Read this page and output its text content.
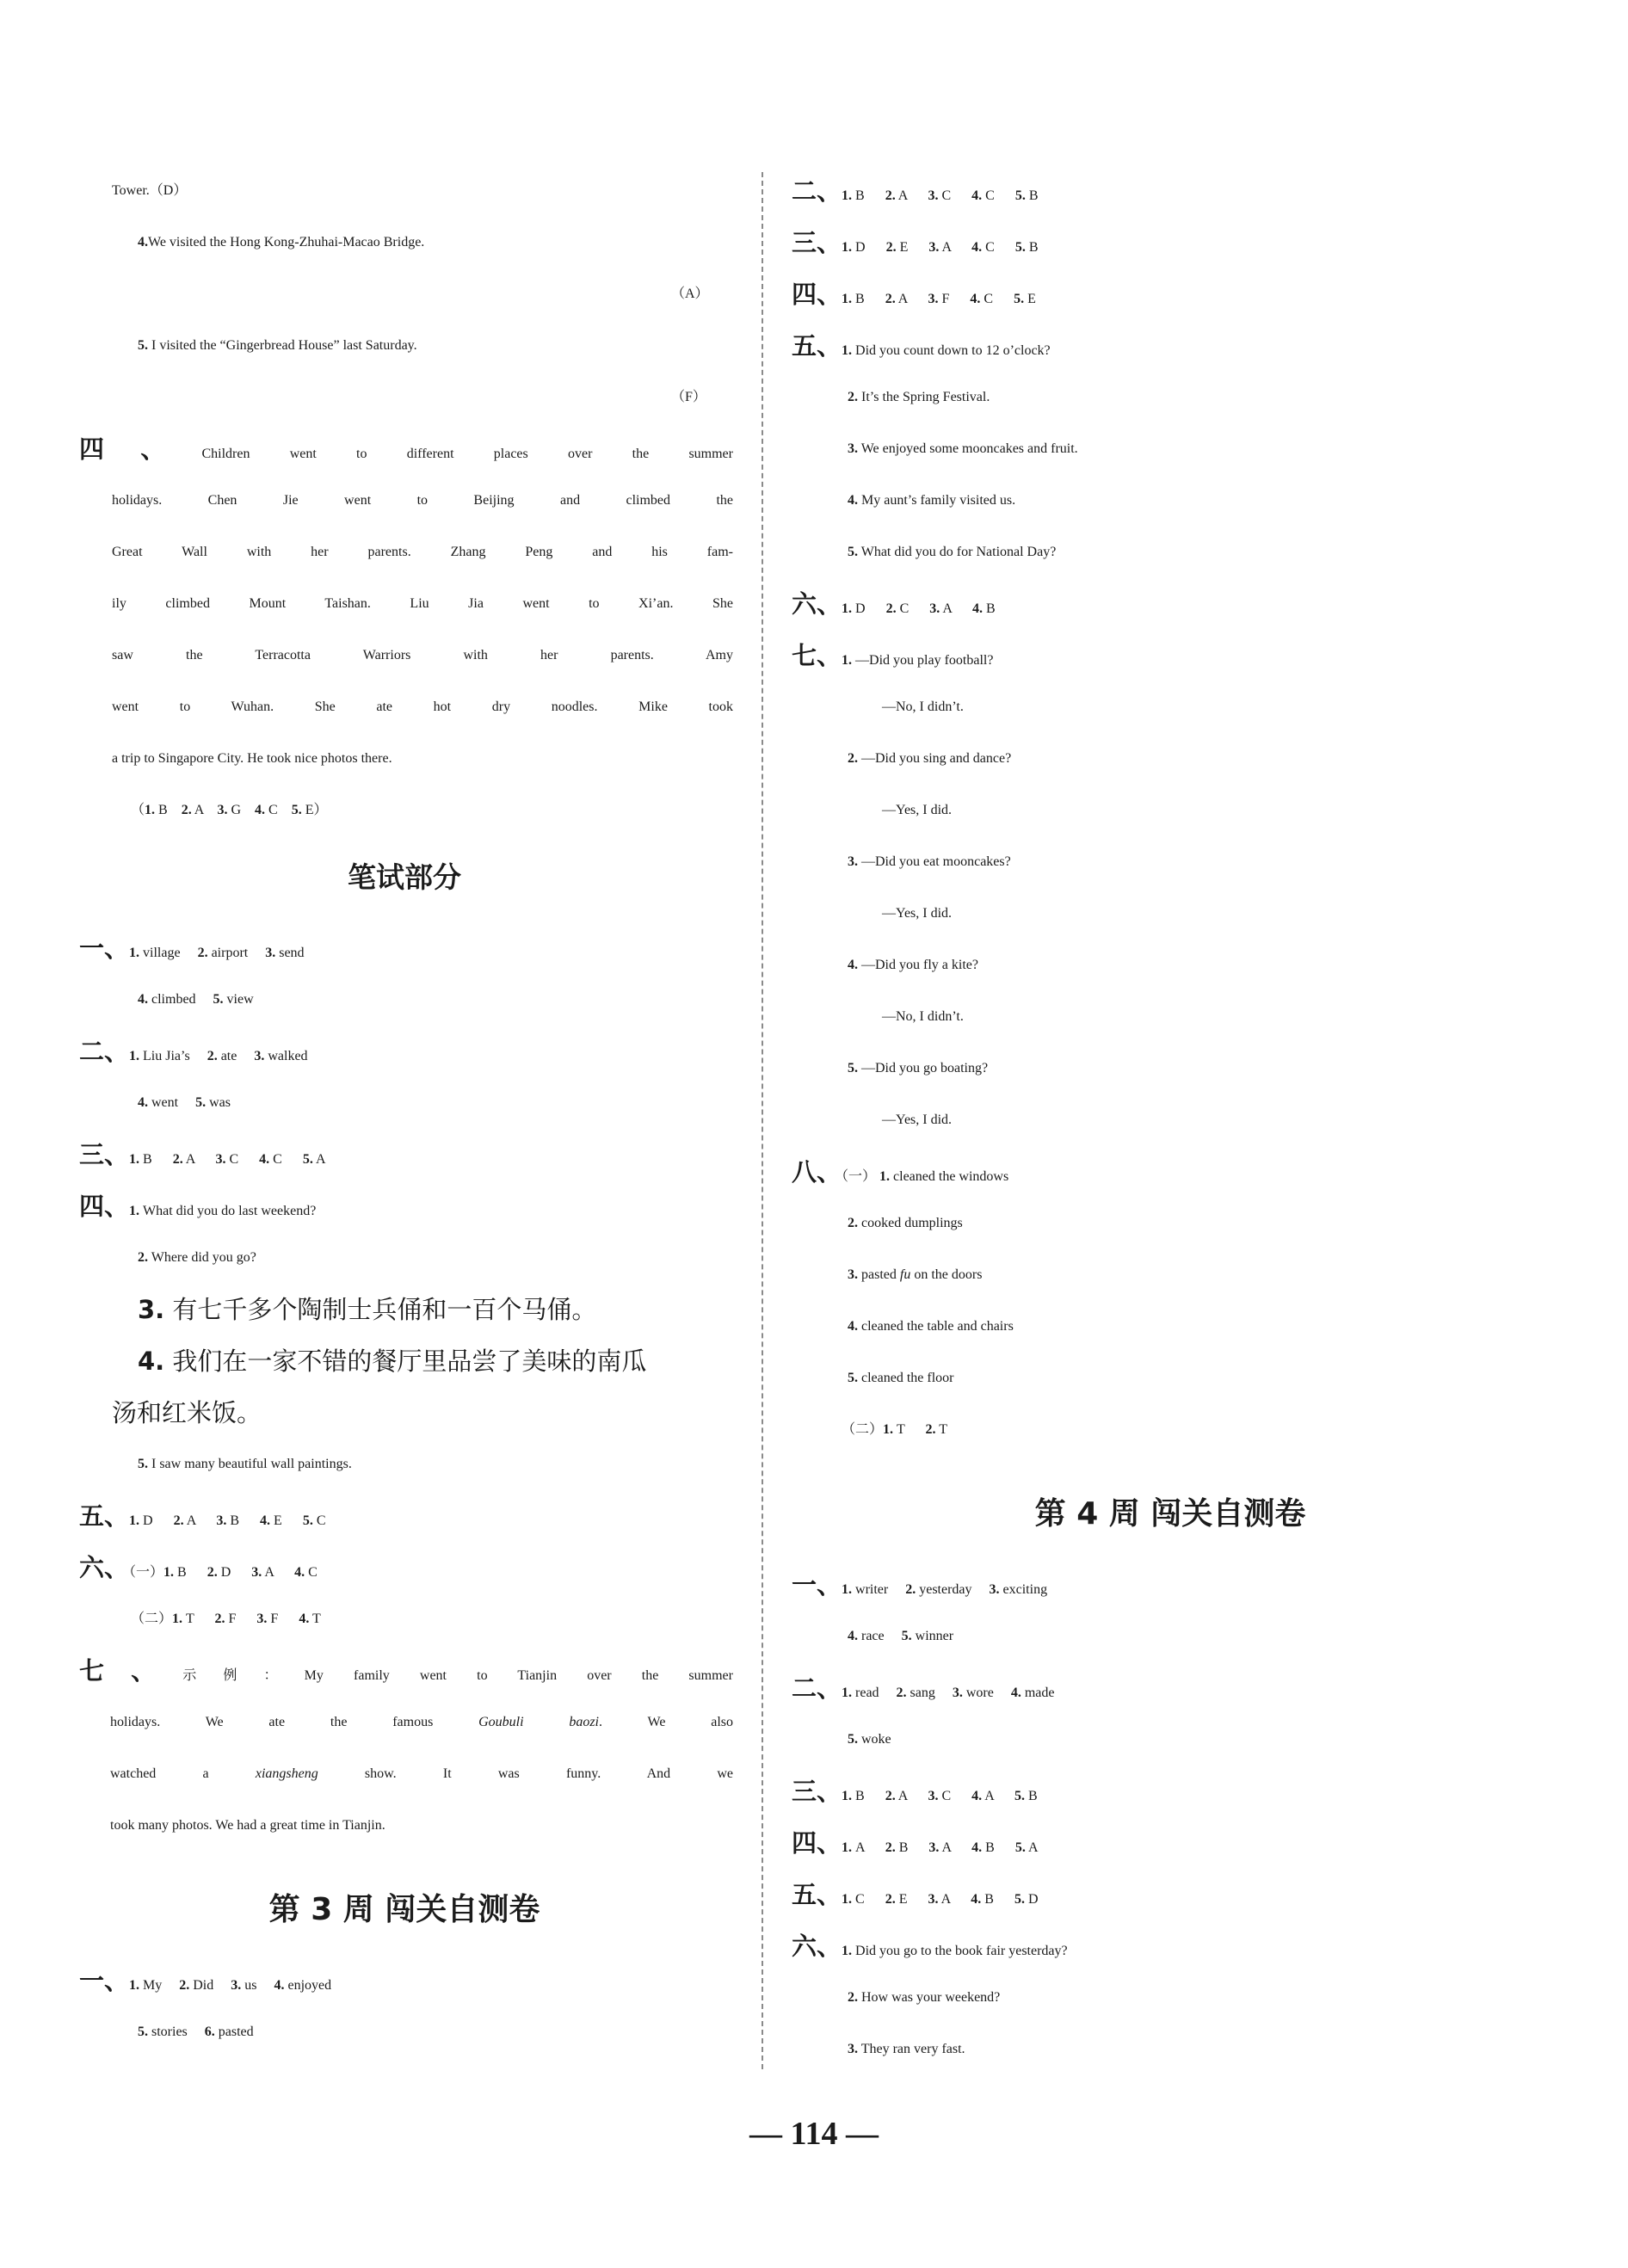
Tower.（D）
4.We visited the Hong Kong-Zhuhai-Macao Bridge.
（A）
5. I visited the “Gingerbread House” last Saturday.
（F）
四、Children went to different places over the summer
holidays. Chen Jie went to Beijing and climbed the
Great Wall with her parents. Zhang Peng and his fam-
ily climbed Mount Taishan. Liu Jia went to Xi’an. She
saw the Terracotta Warriors with her parents. Amy
went to Wuhan. She ate hot dry noodles. Mike took
a trip to Singapore City. He took nice photos there.
（1. B    2. A    3. G    4. C    5. E）
笔试部分
一、1. village     2. airport     3. send
4. climbed     5. view
二、1. Liu Jia’s     2. ate     3. walked
4. went     5. was
三、1. B      2. A      3. C      4. C      5. A
四、1. What did you do last weekend?
2. Where did you go?
3. 有七千多个陶制士兵俑和一百个马俑。
4. 我们在一家不错的餐厅里品尝了美味的南瓜
汤和红米饭。
5. I saw many beautiful wall paintings.
五、1. D      2. A      3. B      4. E      5. C
六、（一）1. B      2. D      3. A      4. C
（二）1. T      2. F      3. F      4. T
七、示例：My family went to Tianjin over the summer
holidays. We ate the famous Goubuli baozi. We also
watched a xiangsheng show. It was funny. And we
took many photos. We had a great time in Tianjin.
第 3 周 闯关自测卷
一、1. My     2. Did     3. us     4. enjoyed
5. stories     6. pasted
二、1. B      2. A      3. C      4. C      5. B
三、1. D      2. E      3. A      4. C      5. B
四、1. B      2. A      3. F      4. C      5. E
五、1. Did you count down to 12 o’clock?
2. It’s the Spring Festival.
3. We enjoyed some mooncakes and fruit.
4. My aunt’s family visited us.
5. What did you do for National Day?
六、1. D      2. C      3. A      4. B
七、1. —Did you play football?
—No, I didn’t.
2. —Did you sing and dance?
—Yes, I did.
3. —Did you eat mooncakes?
—Yes, I did.
4. —Did you fly a kite?
—No, I didn’t.
5. —Did you go boating?
—Yes, I did.
八、（一） 1. cleaned the windows
2. cooked dumplings
3. pasted fu on the doors
4. cleaned the table and chairs
5. cleaned the floor
（二）1. T      2. T
第 4 周 闯关自测卷
一、1. writer     2. yesterday     3. exciting
4. race     5. winner
二、1. read     2. sang     3. wore     4. made
5. woke
三、1. B      2. A      3. C      4. A      5. B
四、1. A      2. B      3. A      4. B      5. A
五、1. C      2. E      3. A      4. B      5. D
六、1. Did you go to the book fair yesterday?
2. How was your weekend?
3. They ran very fast.
— 114 —
